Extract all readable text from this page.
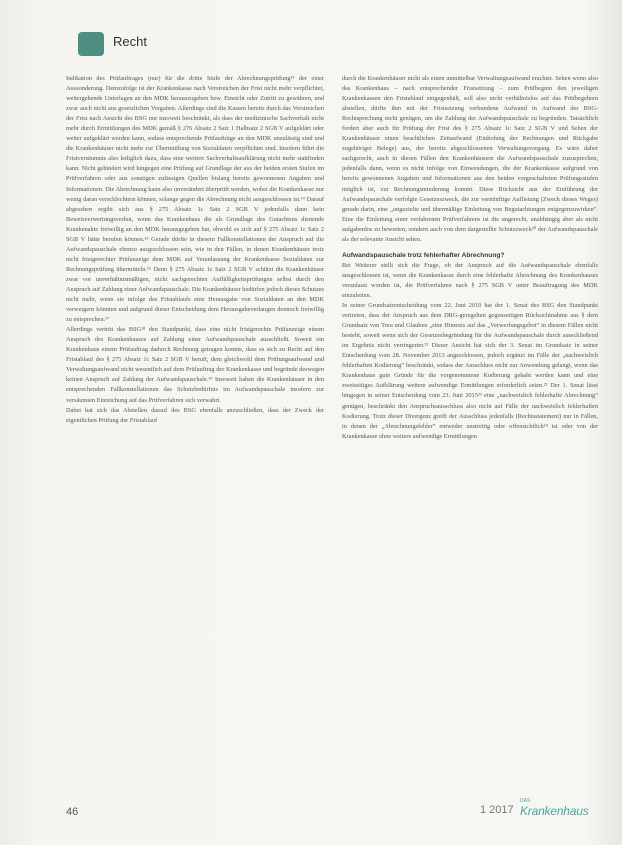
Recht

Indikation des Prüfauftrages (nur) für die dritte Stufe der Abrechnungsprüfung¹³ der einer Aussonderung. Demzufolge ist der Krankenkasse nach Verstreichen der Frist nicht mehr verpflichtet, weitergehende Unterlagen an den MDK herauszugeben bzw. Einsicht oder Zutritt zu gewähren, und zwar auch nicht aus gesetzlichen Vorgaben. Allerdings sind die Kassen bereits durch das Verstreichen der Frist nach Ansicht des BSG nur insoweit beschränkt, als dass der medizinische Sachverhalt nicht mehr durch Ermittlungen des MDK gemäß § 276 Absatz 2 Satz 1 Halbsatz 2 SGB V aufgeklärt oder weiter aufgeklärt werden kann, sodass entsprechende Prüfaufträge an den MDK unzulässig sind und die Krankenhäuser nicht mehr zur Übermittlung von Sozialdaten verpflichtet sind. Insofern führt die Fristversäumnis also lediglich dazu, dass eine weitere Sachverhaltsaufklärung nicht mehr stattfinden kann. Nicht gehindert wird hingegen eine Prüfung auf Grundlage der aus der beiden ersten Stufen im Prüfverfahren oder aus sonstigen zulässigen Quellen bislang bereits gewonnenen Angaben und Informationen. Die Abrechnung kann also unverändert überprüft werden, wobei die Krankenkasse nur wenig daran verschlechtern können, solange gegen die Abrechnung nicht ausgeschlossen ist.¹⁴ Darauf abgesehen ergibt sich aus § 275 Absatz 1c Satz 2 SGB V jedenfalls dann kein Beweisverwertungsverbot, wenn das Krankenhaus die als Grundlage des Gutachtens dienende Krankenakte freiwillig an den MDK herausgegeben hat, obwohl es sich auf § 275 Absatz 1c Satz 2 SGB V hätte berufen können.¹⁵ Gerade dürfte in diesem Fallkonstellationen der Anspruch auf die Aufwandspauschale ebenso ausgeschlossen sein, wie in den Fällen, in denen Krankenhäuser trotz nicht fristgerechter Prüfanzeige dem MDK auf Veranlassung der Krankenkasse Sozialdaten zur Rechnungsprüfung übermitteln.¹⁶ Denn § 275 Absatz 1c Satz 2 SGB V schützt die Krankenhäuser zwar vor unverhältnismäßigen, nicht sachgerechten Auffälligkeitsprüfungen selbst durch den Anspruch auf Zahlung einer Aufwandspauschale. Die Krankenhäuser bedürfen jedoch dieses Schutzes nicht mehr, wenn sie infolge des Fristablaufs eine Herausgabe von Sozialdaten an den MDK verweigern könnten und aufgrund dieser Entscheidung dem Herausgabeverlangen dennoch freiwillig zu entsprechen.¹⁷

Allerdings vertritt das BSG¹⁸ den Standpunkt, dass eine nicht fristgerechte Prüfanzeige einem Anspruch des Krankenhauses auf Zahlung einer Aufwandspauschale ausschließt. Soweit ein Krankenhaus einem Prüfauftrag dadurch Rechnung getragen konnte, dass es sich zu Recht auf den Fristablauf des § 275 Absatz 1c Satz 2 SGB V beruft, dem gleichwohl dem Prüfungsaufwand und Verwaltungsaufwand nicht wesentlich auf dem Prüfauftrag der Krankenkasse und begründe deswegen keinen Anspruch auf Zahlung der Aufwandspauschale.¹⁹ Insoweit haben die Krankenhäuser in den entsprechenden Fallkonstellationen das Schutzbedürfnis im Aufwandspauschale insofern zur versäumten Einreichung auf das Prüfverfahren sich verwahrt.

Dabei hat sich das Abstellen darauf des BSG ebenfalls anzuschließen, dass der Zweck der eigentlichen Prüfung der Fristablauf

durch die Krankenhäuser nicht als einen unmittelbar Verwaltungsaufwand erachtet. Sehen wenn also das Krankenhaus – nach entsprechender Fristsetzung – zum Prüfbeginn den jeweiligen Krankenkassen den Fristablauf entgegenhält, soll also nicht verhältnislos auf das Prüfbegehren abstellen, dürfte ihm mit der Fristsetzung verbundene Aufwand in Aufwand der BSG-Rechtsprechung nicht genügen, um die Zahlung der Aufwandspauschale zu begründen. Tatsächlich fordert aber auch für Prüfung der Frist des § 275 Absatz 1c Satz 2 SGB V und Sehen der Krankenhäuser einen beachtlichen Zeitaufwand (Einholung der Rechnungen und Rückgabe zugehöriger Belege) aus, der bereits abgeschlossenen Verwaltungsvorgang. Es wäre daher sachgerecht, auch in diesen Fällen den Krankenhäusern die Aufwandspauschale zuzusprechen, jedenfalls dann, wenn es nicht infolge von Einwendungen, die der Krankenkasse aufgrund von bereits gewonnenen Angaben und Informationen aus den beiden vorgeschalteten Prüfungsstufen möglich ist, zur Rechnungsminderung kommt. Diese Rücksicht aus der Einführung der Aufwandspauschale verfolgte Gesetzeszweck, die zur vernünftige Auflistung (Zweck dieses Weges) gerade darin, eine „ungezielte und übermäßige Einleitung von Begutachtungen entgegenzuwirken”. Eine die Einleitung einer verfahrenen Prüfverfahrens ist die ungerecht, unabhängig aber als nicht aufgabenlos zu bewerten, sondern auch von dem dargestellte Schutzzweck²⁰ der Aufwandspauschale als der relevante Ansicht sehen.

Aufwandspauschale trotz fehlerhafter Abrechnung?

Bei Weiterer stellt sich die Frage, ob der Anspruch auf die Aufwandspauschale ebenfalls ausgeschlossen ist, wenn die Krankenkasse durch eine fehlerhafte Abrechnung des Krankenhauses veranlasst worden ist, die Prüfverfahren nach § 275 SGB V unter Beauftragung des MDK einzuleiten.

In seiner Grundsatzentscheidung vom 22. Juni 2010 hat der 1. Senat des BSG den Standpunkt vertreten, dass der Anspruch aus dem DRG-geregelten gegenseitigen Rücksichtnahme aus § dem Grundsatz von Treu und Glauben „sine Hinweis auf das „Verwerfungsgebot” in diesem Fällen nicht besteht, soweit wenn sich der Gesetzesbegründung für die Aufwandspauschale durch ausschließend im Ergebnis nicht verringerter.²¹ Dieser Ansicht hat sich der 3. Senat im Grundsatz in seiner Entscheidung vom 28. November 2013 angeschlossen, jedoch ergänzt im Fälle der „nachweislich fehlerhaften Kodierung” beschränkt, sodass der Ausschluss nicht zur Anwendung gelangt, wenn das Krankenhaus gute Gründe für die vorgenommene Kodierung gehabt werden kann und eine zweiseitiges Aufklärung weitere aufwendige Ermittlungen erforderlich seien.²² Der 1. Senat lässt hingegen in seiner Entscheidung vom 23. Juni 2015²³ eine „nachweislich fehlerhafte Abrechnung” genügen, beschränkt den Anspruchsausschluss also nicht auf Fälle der nachweislich fehlerhaften Kodierung. Trotz dieser Divergenz greift der Ausschluss jedenfalls (Rechtsstatement) nur in Fällen, in denen der „Abrechnungsfehler” entweder unstreitig oder offensichtlich²⁴ ist oder von der Krankenkasse ohne weitere aufwendige Ermittlungen

46	1 2017
DAS
Krankenhaus
